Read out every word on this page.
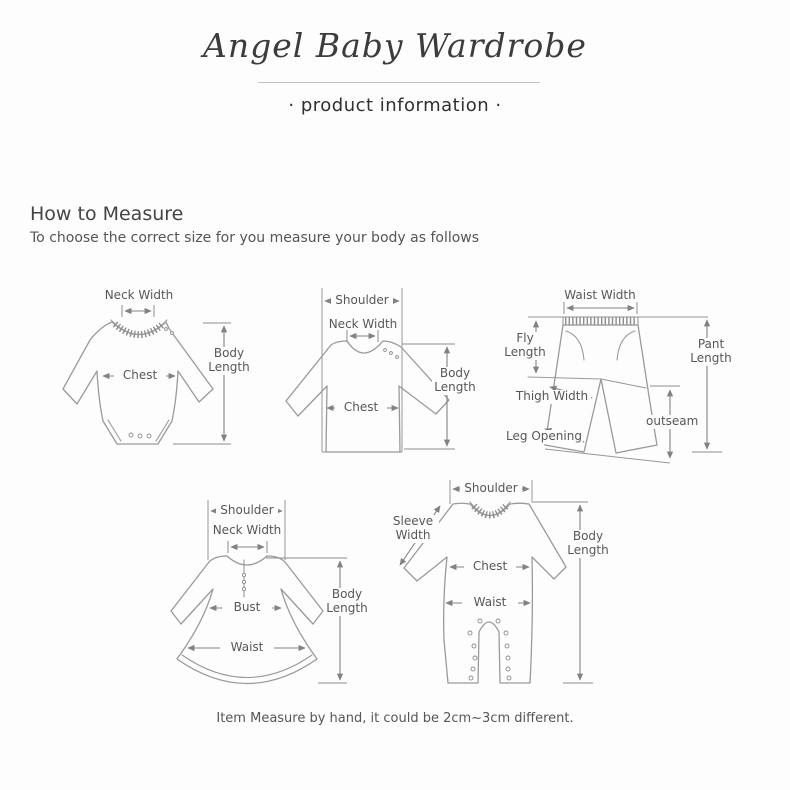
Angel Baby Wardrobe

· product information ·

How to Measure

To choose the correct size for you measure your body as follows

Neck Width
Chest
Body Length
Shoulder
Neck Width
Chest
Body Length
Waist Width
Fly Length
Pant Length
Thigh Width
Leg Opening
outseam
Shoulder
Neck Width
Bust
Waist
Body Length
Shoulder
Sleeve Width
Chest
Waist
Body Length

Item Measure by hand, it could be 2cm~3cm different.
